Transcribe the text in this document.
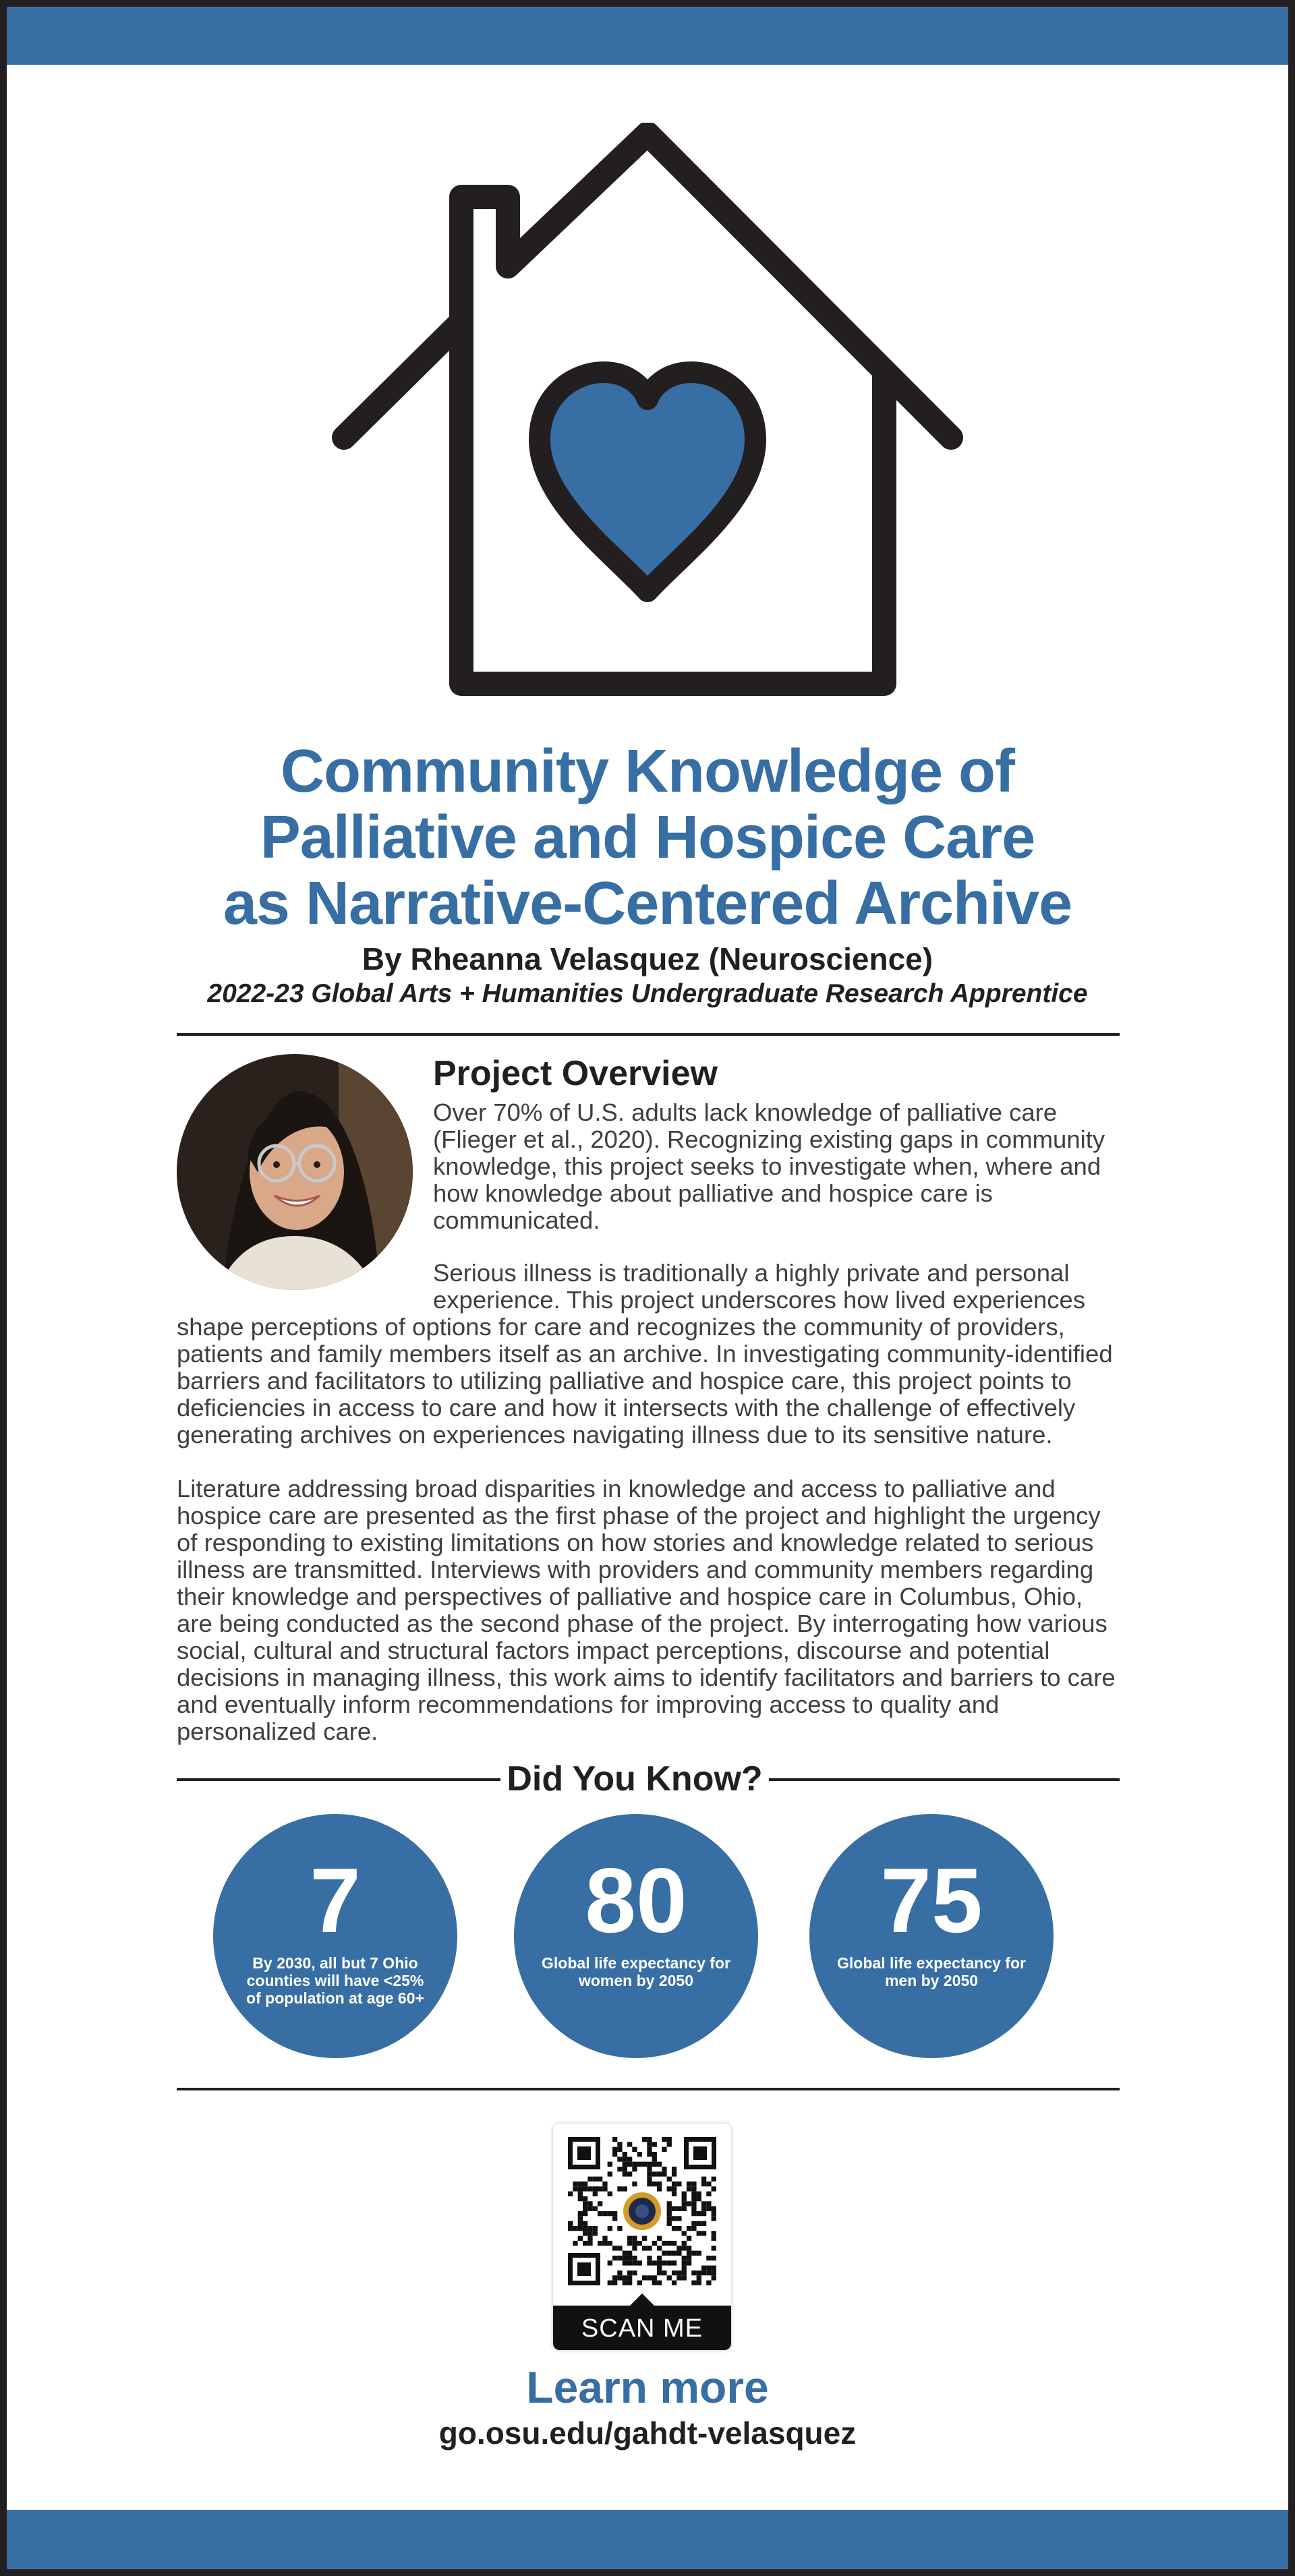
Community Knowledge of
Palliative and Hospice Care
as Narrative-Centered Archive

By Rheanna Velasquez (Neuroscience)

2022-23 Global Arts + Humanities Undergraduate Research Apprentice

Project Overview

Over 70% of U.S. adults lack knowledge of palliative care (Flieger et al., 2020). Recognizing existing gaps in community knowledge, this project seeks to investigate when, where and how knowledge about palliative and hospice care is communicated.

Serious illness is traditionally a highly private and personal experience. This project underscores how lived experiences

shape perceptions of options for care and recognizes the community of providers, patients and family members itself as an archive. In investigating community-identified barriers and facilitators to utilizing palliative and hospice care, this project points to deficiencies in access to care and how it intersects with the challenge of effectively generating archives on experiences navigating illness due to its sensitive nature.

Literature addressing broad disparities in knowledge and access to palliative and hospice care are presented as the first phase of the project and highlight the urgency of responding to existing limitations on how stories and knowledge related to serious illness are transmitted. Interviews with providers and community members regarding their knowledge and perspectives of palliative and hospice care in Columbus, Ohio, are being conducted as the second phase of the project. By interrogating how various social, cultural and structural factors impact perceptions, discourse and potential decisions in managing illness, this work aims to identify facilitators and barriers to care and eventually inform recommendations for improving access to quality and personalized care.

Did You Know?
7
By 2030, all but 7 Ohio counties will have <25% of population at age 60+
80
Global life expectancy for women by 2050
75
Global life expectancy for men by 2050

SCAN ME

Learn more

go.osu.edu/gahdt-velasquez
